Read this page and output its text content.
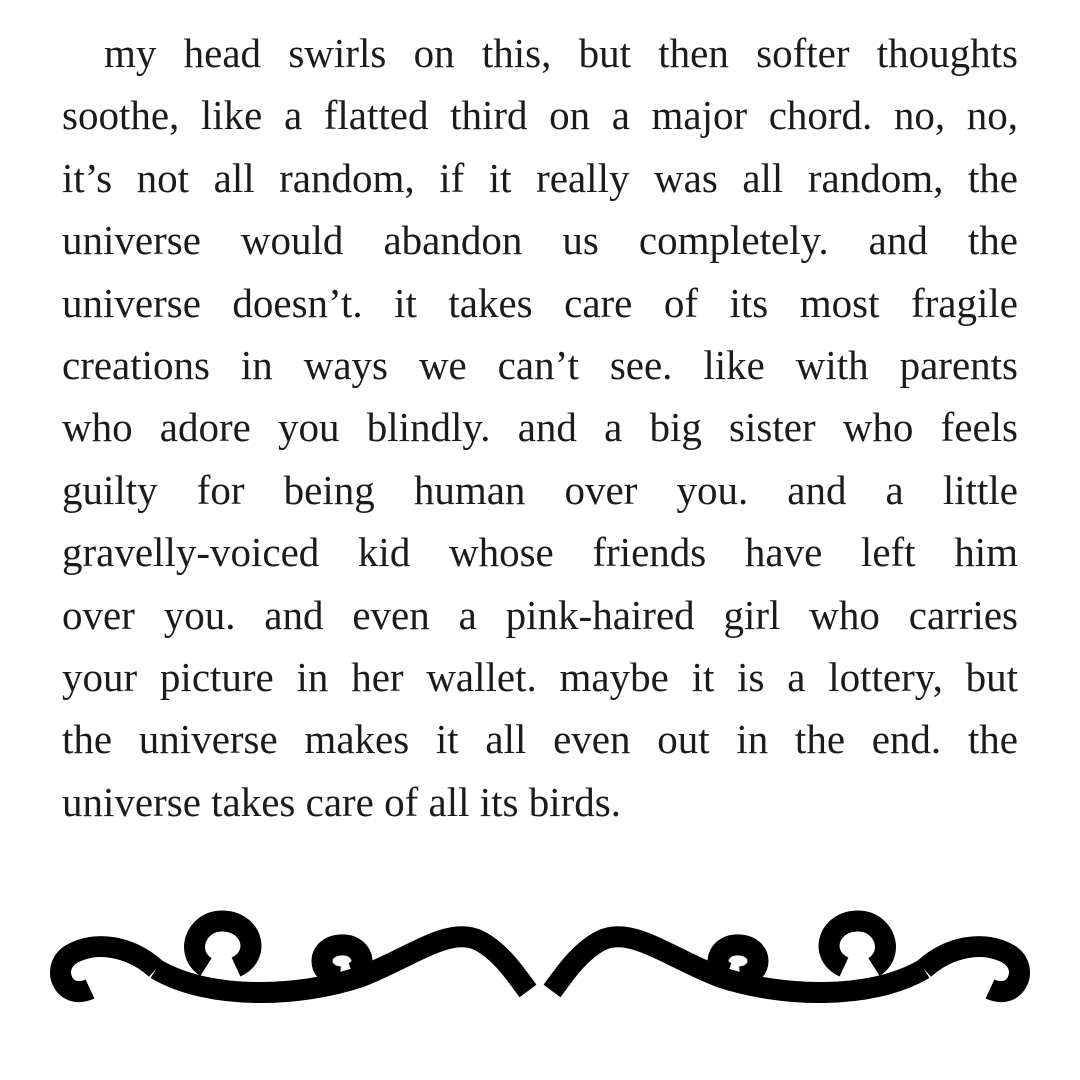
my head swirls on this, but then softer thoughts
soothe, like a flatted third on a major chord. no, no,
it’s not all random, if it really was all random, the
universe would abandon us completely. and the
universe doesn’t. it takes care of its most fragile
creations in ways we can’t see. like with parents
who adore you blindly. and a big sister who feels
guilty for being human over you. and a little
gravelly-voiced kid whose friends have left him
over you. and even a pink-haired girl who carries
your picture in her wallet. maybe it is a lottery, but
the universe makes it all even out in the end. the
universe takes care of all its birds.
